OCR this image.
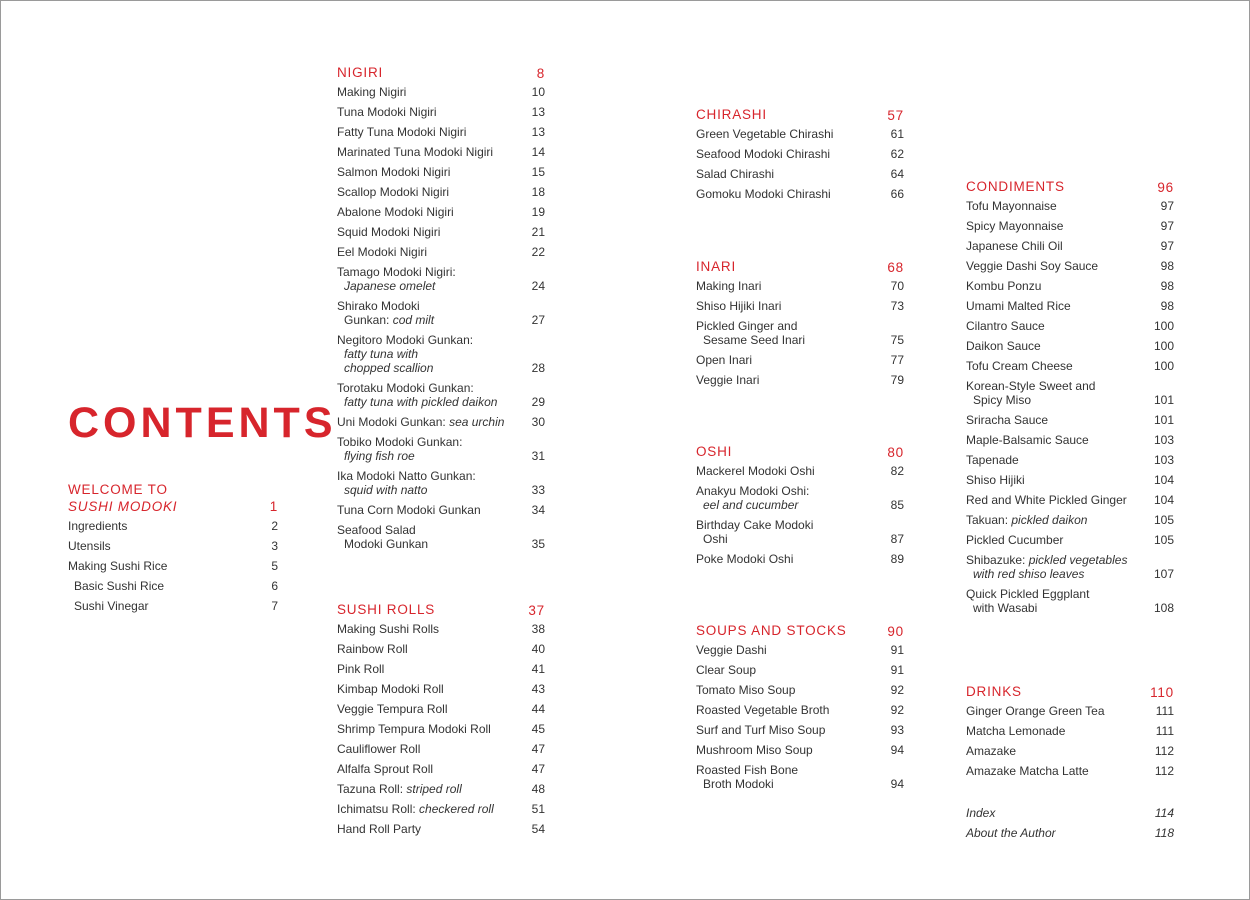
CONTENTS
WELCOME TO
SUSHI MODOKI	1
Ingredients	2
Utensils	3
Making Sushi Rice	5
Basic Sushi Rice	6
Sushi Vinegar	7
NIGIRI	8
Making Nigiri	10
Tuna Modoki Nigiri	13
Fatty Tuna Modoki Nigiri	13
Marinated Tuna Modoki Nigiri	14
Salmon Modoki Nigiri	15
Scallop Modoki Nigiri	18
Abalone Modoki Nigiri	19
Squid Modoki Nigiri	21
Eel Modoki Nigiri	22
Tamago Modoki Nigiri:
Japanese omelet	24
Shirako Modoki
Gunkan: cod milt	27
Negitoro Modoki Gunkan:
fatty tuna with
chopped scallion	28
Torotaku Modoki Gunkan:
fatty tuna with pickled daikon	29
Uni Modoki Gunkan: sea urchin	30
Tobiko Modoki Gunkan:
flying fish roe	31
Ika Modoki Natto Gunkan:
squid with natto	33
Tuna Corn Modoki Gunkan	34
Seafood Salad
Modoki Gunkan	35
SUSHI ROLLS	37
Making Sushi Rolls	38
Rainbow Roll	40
Pink Roll	41
Kimbap Modoki Roll	43
Veggie Tempura Roll	44
Shrimp Tempura Modoki Roll	45
Cauliflower Roll	47
Alfalfa Sprout Roll	47
Tazuna Roll: striped roll	48
Ichimatsu Roll: checkered roll	51
Hand Roll Party	54
CHIRASHI	57
Green Vegetable Chirashi	61
Seafood Modoki Chirashi	62
Salad Chirashi	64
Gomoku Modoki Chirashi	66
INARI	68
Making Inari	70
Shiso Hijiki Inari	73
Pickled Ginger and
Sesame Seed Inari	75
Open Inari	77
Veggie Inari	79
OSHI	80
Mackerel Modoki Oshi	82
Anakyu Modoki Oshi:
eel and cucumber	85
Birthday Cake Modoki
Oshi	87
Poke Modoki Oshi	89
SOUPS AND STOCKS	90
Veggie Dashi	91
Clear Soup	91
Tomato Miso Soup	92
Roasted Vegetable Broth	92
Surf and Turf Miso Soup	93
Mushroom Miso Soup	94
Roasted Fish Bone
Broth Modoki	94
CONDIMENTS	96
Tofu Mayonnaise	97
Spicy Mayonnaise	97
Japanese Chili Oil	97
Veggie Dashi Soy Sauce	98
Kombu Ponzu	98
Umami Malted Rice	98
Cilantro Sauce	100
Daikon Sauce	100
Tofu Cream Cheese	100
Korean-Style Sweet and
Spicy Miso	101
Sriracha Sauce	101
Maple-Balsamic Sauce	103
Tapenade	103
Shiso Hijiki	104
Red and White Pickled Ginger	104
Takuan: pickled daikon	105
Pickled Cucumber	105
Shibazuke: pickled vegetables
with red shiso leaves	107
Quick Pickled Eggplant
with Wasabi	108
DRINKS	110
Ginger Orange Green Tea	111
Matcha Lemonade	111
Amazake	112
Amazake Matcha Latte	112
Index	114
About the Author	118
